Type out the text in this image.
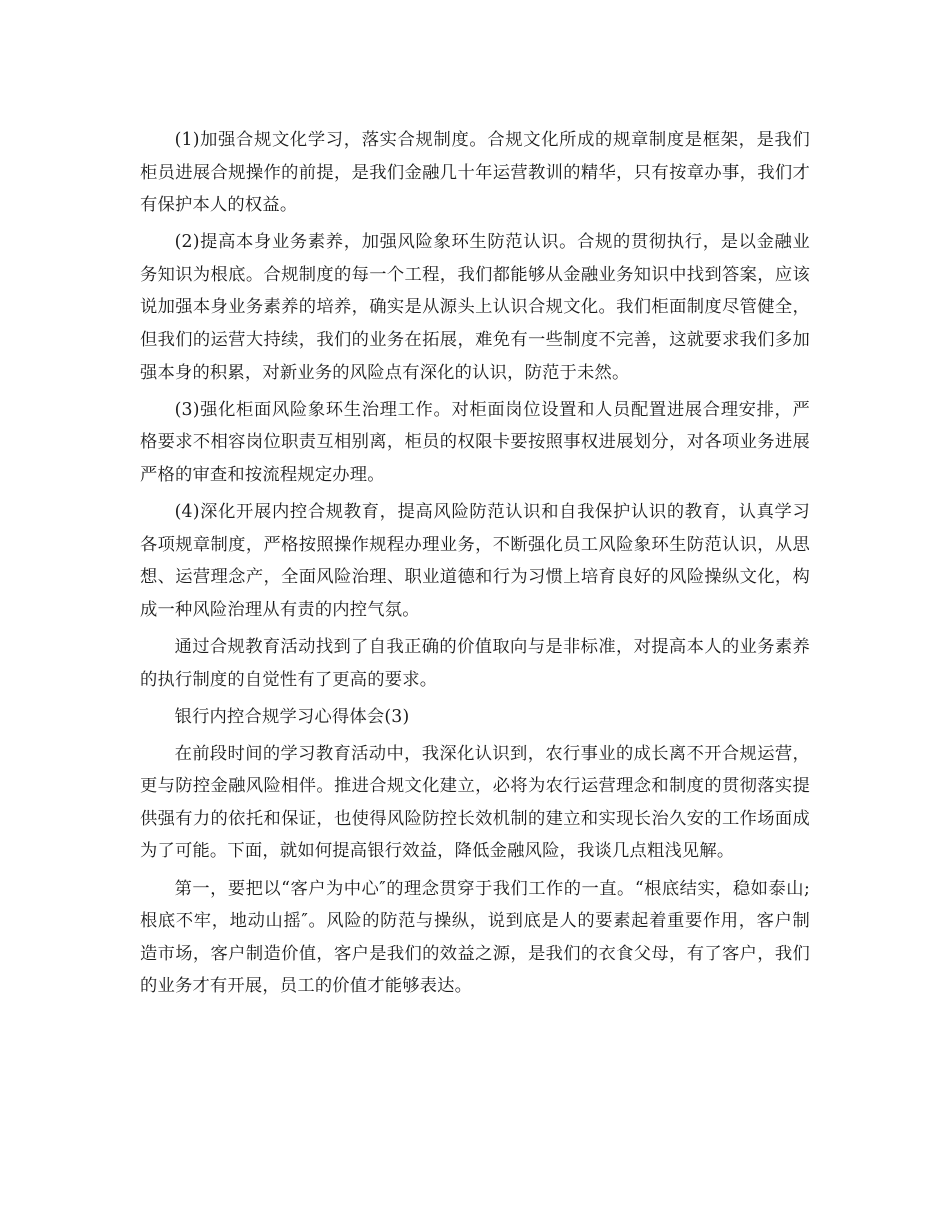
(1)加强合规文化学习，落实合规制度。合规文化所成的规章制度是框架，是我们柜员进展合规操作的前提，是我们金融几十年运营教训的精华，只有按章办事，我们才有保护本人的权益。

(2)提高本身业务素养，加强风险象环生防范认识。合规的贯彻执行，是以金融业务知识为根底。合规制度的每一个工程，我们都能够从金融业务知识中找到答案，应该说加强本身业务素养的培养，确实是从源头上认识合规文化。我们柜面制度尽管健全，但我们的运营大持续，我们的业务在拓展，难免有一些制度不完善，这就要求我们多加强本身的积累，对新业务的风险点有深化的认识，防范于未然。

(3)强化柜面风险象环生治理工作。对柜面岗位设置和人员配置进展合理安排，严格要求不相容岗位职责互相别离，柜员的权限卡要按照事权进展划分，对各项业务进展严格的审查和按流程规定办理。

(4)深化开展内控合规教育，提高风险防范认识和自我保护认识的教育，认真学习各项规章制度，严格按照操作规程办理业务，不断强化员工风险象环生防范认识，从思想、运营理念产，全面风险治理、职业道德和行为习惯上培育良好的风险操纵文化，构成一种风险治理从有责的内控气氛。

通过合规教育活动找到了自我正确的价值取向与是非标准，对提高本人的业务素养的执行制度的自觉性有了更高的要求。

银行内控合规学习心得体会(3)

在前段时间的学习教育活动中，我深化认识到，农行事业的成长离不开合规运营，更与防控金融风险相伴。推进合规文化建立，必将为农行运营理念和制度的贯彻落实提供强有力的依托和保证，也使得风险防控长效机制的建立和实现长治久安的工作场面成为了可能。下面，就如何提高银行效益，降低金融风险，我谈几点粗浅见解。

第一，要把以“客户为中心″的理念贯穿于我们工作的一直。“根底结实，稳如泰山;根底不牢，地动山摇″。风险的防范与操纵，说到底是人的要素起着重要作用，客户制造市场，客户制造价值，客户是我们的效益之源，是我们的衣食父母，有了客户，我们的业务才有开展，员工的价值才能够表达。
